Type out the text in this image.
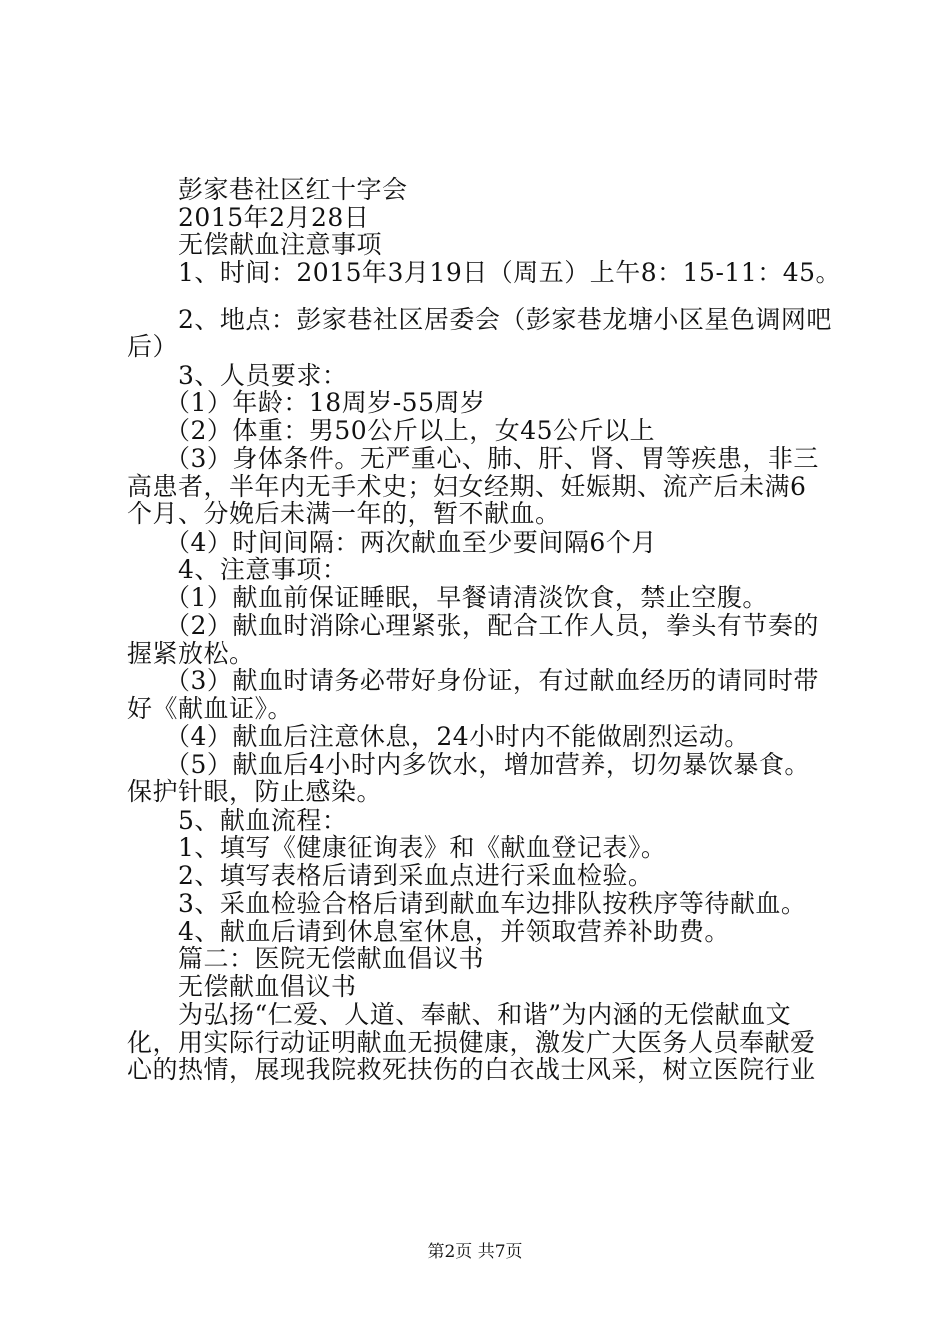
彭家巷社区红十字会
2015年2月28日
无偿献血注意事项
1、时间：2015年3月19日（周五）上午8：15-11：45。
2、地点：彭家巷社区居委会（彭家巷龙塘小区星色调网吧
后）
3、人员要求：
（1）年龄：18周岁-55周岁
（2）体重：男50公斤以上，女45公斤以上
（3）身体条件。无严重心、肺、肝、肾、胃等疾患，非三
高患者，半年内无手术史；妇女经期、妊娠期、流产后未满6
个月、分娩后未满一年的，暂不献血。
（4）时间间隔：两次献血至少要间隔6个月
4、注意事项：
（1）献血前保证睡眠，早餐请清淡饮食，禁止空腹。
（2）献血时消除心理紧张，配合工作人员，拳头有节奏的
握紧放松。
（3）献血时请务必带好身份证，有过献血经历的请同时带
好《献血证》。
（4）献血后注意休息，24小时内不能做剧烈运动。
（5）献血后4小时内多饮水，增加营养，切勿暴饮暴食。
保护针眼，防止感染。
5、献血流程：
1、填写《健康征询表》和《献血登记表》。
2、填写表格后请到采血点进行采血检验。
3、采血检验合格后请到献血车边排队按秩序等待献血。
4、献血后请到休息室休息，并领取营养补助费。
篇二：医院无偿献血倡议书
无偿献血倡议书
为弘扬“仁爱、人道、奉献、和谐”为内涵的无偿献血文
化，用实际行动证明献血无损健康，激发广大医务人员奉献爱
心的热情，展现我院救死扶伤的白衣战士风采，树立医院行业
第2页 共7页
